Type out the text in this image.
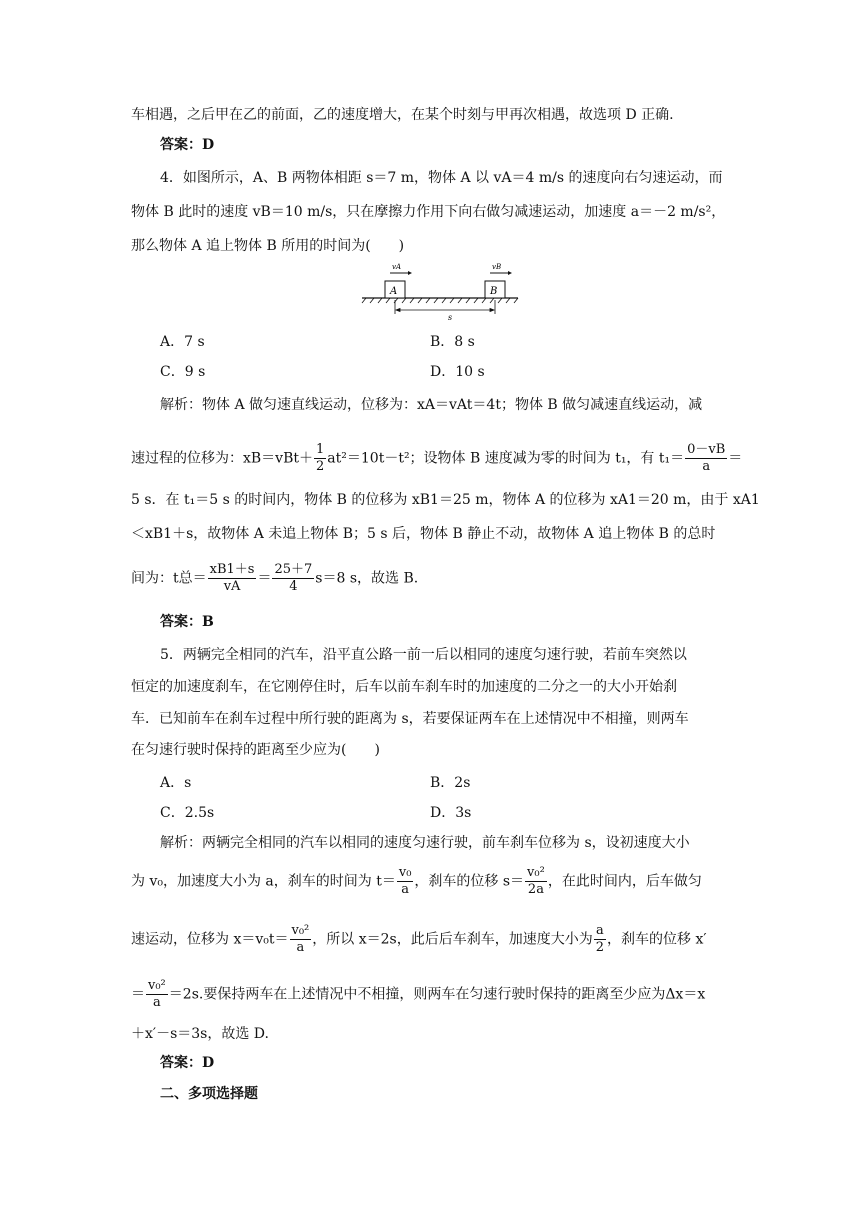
车相遇，之后甲在乙的前面，乙的速度增大，在某个时刻与甲再次相遇，故选项 D 正确.
答案：D
4．如图所示，A、B 两物体相距 s＝7 m，物体 A 以 vA＝4 m/s 的速度向右匀速运动，而
物体 B 此时的速度 vB＝10 m/s，只在摩擦力作用下向右做匀减速运动，加速度 a＝－2 m/s²，
那么物体 A 追上物体 B 所用的时间为(　　)
A	B
vA	vB
s
A．7 s	B．8 s
C．9 s	D．10 s
解析：物体 A 做匀速直线运动，位移为：xA＝vAt＝4t；物体 B 做匀减速直线运动，减
速过程的位移为：$xB=vBt+ \frac{1}{2} at^2=10t-t^2$；设物体 B 速度减为零的时间为 t₁，有 $t_1= \frac{0-vB}{a}$ ＝
5 s．在 t₁＝5 s 的时间内，物体 B 的位移为 xB1＝25 m，物体 A 的位移为 xA1＝20 m，由于 xA1
＜xB1＋s，故物体 A 未追上物体 B；5 s 后，物体 B 静止不动，故物体 A 追上物体 B 的总时
间为：t总＝ $\frac{xB1+s}{vA} = \frac{25+7}{4} s=8$ s，故选 B.
答案：B
5．两辆完全相同的汽车，沿平直公路一前一后以相同的速度匀速行驶，若前车突然以
恒定的加速度刹车，在它刚停住时，后车以前车刹车时的加速度的二分之一的大小开始刹
车．已知前车在刹车过程中所行驶的距离为 s，若要保证两车在上述情况中不相撞，则两车
在匀速行驶时保持的距离至少应为(　　)
A．s	B．2s
C．2.5s	D．3s
解析：两辆完全相同的汽车以相同的速度匀速行驶，前车刹车位移为 s，设初速度大小
为 v₀，加速度大小为 a，刹车的时间为 $t= \frac{\text{v₀}}{a}$ ，刹车的位移 $s= \frac{\text{v₀²}}{2a}$ ，在此时间内，后车做匀
速运动，位移为 $x=v_0t= \frac{\text{v₀²}}{a}$ ，所以 x＝2s，此后后车刹车，加速度大小为 $\frac{a}{2}$ ，刹车的位移 x′
＝ $\frac{\text{v₀²}}{a} =2s$.要保持两车在上述情况中不相撞，则两车在匀速行驶时保持的距离至少应为Δx＝x
＋x′－s＝3s，故选 D.
答案：D
二、多项选择题
